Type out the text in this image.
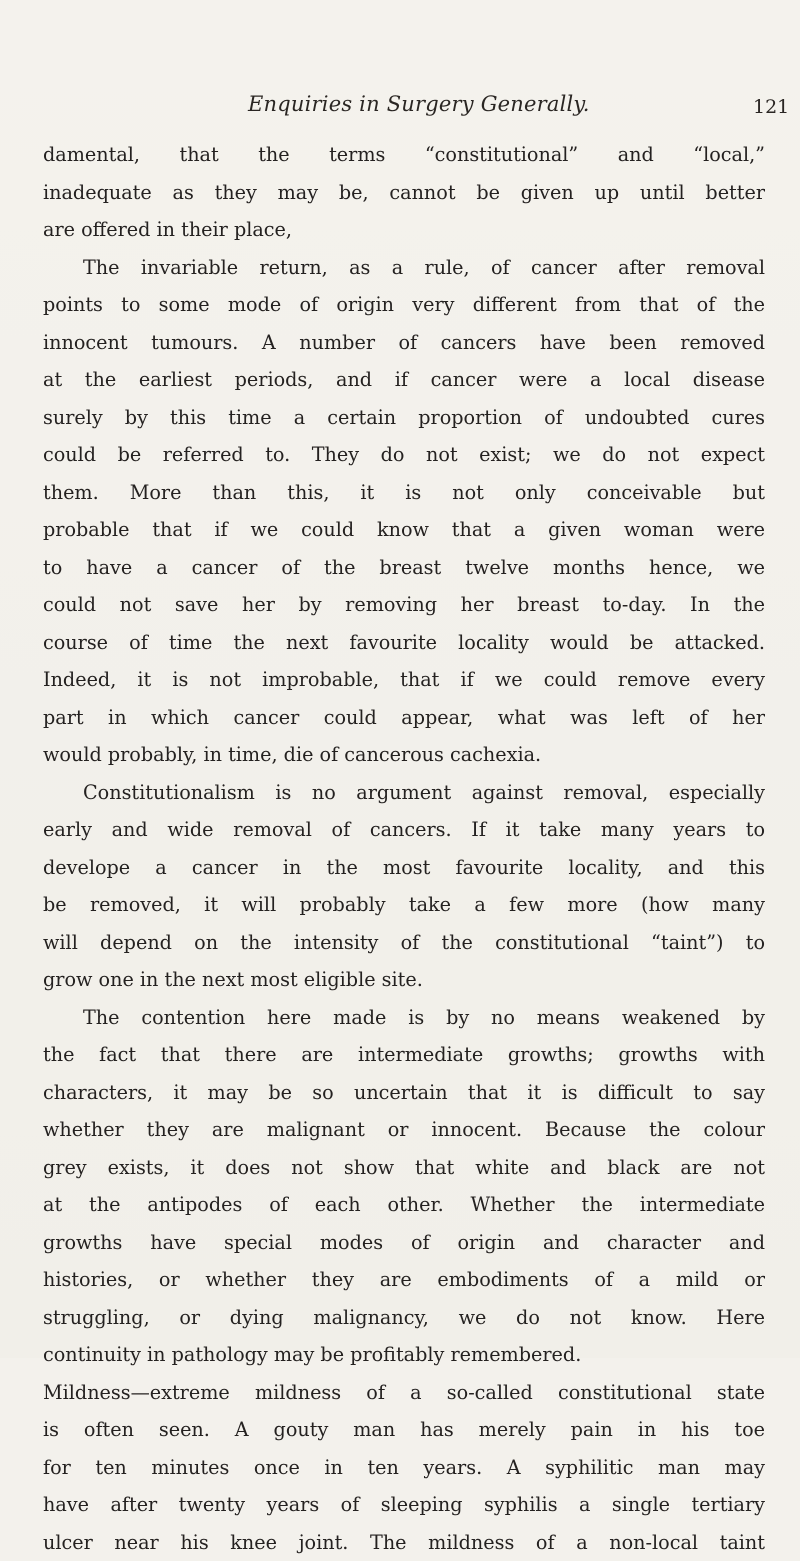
Enquiries in Surgery Generally.	121
damental, that the terms “constitutional” and “local,”
inadequate as they may be, cannot be given up until better
are offered in their place,
The invariable return, as a rule, of cancer after removal
points to some mode of origin very different from that of the
innocent tumours. A number of cancers have been removed
at the earliest periods, and if cancer were a local disease
surely by this time a certain proportion of undoubted cures
could be referred to. They do not exist; we do not expect
them. More than this, it is not only conceivable but
probable that if we could know that a given woman were
to have a cancer of the breast twelve months hence, we
could not save her by removing her breast to-day. In the
course of time the next favourite locality would be attacked.
Indeed, it is not improbable, that if we could remove every
part in which cancer could appear, what was left of her
would probably, in time, die of cancerous cachexia.
Constitutionalism is no argument against removal, especially
early and wide removal of cancers. If it take many years to
develope a cancer in the most favourite locality, and this
be removed, it will probably take a few more (how many
will depend on the intensity of the constitutional “taint”) to
grow one in the next most eligible site.
The contention here made is by no means weakened by
the fact that there are intermediate growths; growths with
characters, it may be so uncertain that it is difficult to say
whether they are malignant or innocent. Because the colour
grey exists, it does not show that white and black are not
at the antipodes of each other. Whether the intermediate
growths have special modes of origin and character and
histories, or whether they are embodiments of a mild or
struggling, or dying malignancy, we do not know. Here
continuity in pathology may be profitably remembered.
Mildness—extreme mildness of a so-called constitutional state
is often seen. A gouty man has merely pain in his toe
for ten minutes once in ten years. A syphilitic man may
have after twenty years of sleeping syphilis a single tertiary
ulcer near his knee joint. The mildness of a non-local taint
